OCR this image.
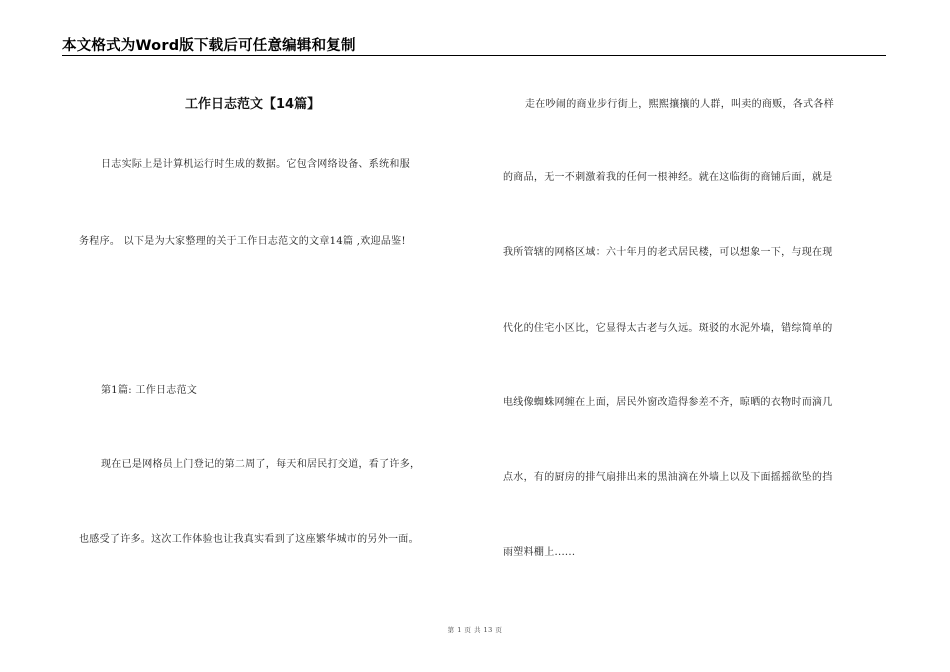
本文格式为Word版下载后可任意编辑和复制
工作日志范文【14篇】
日志实际上是计算机运行时生成的数据。它包含网络设备、系统和服
务程序。 以下是为大家整理的关于工作日志范文的文章14篇 ,欢迎品鉴!
第1篇: 工作日志范文
现在已是网格员上门登记的第二周了，每天和居民打交道，看了许多，
也感受了许多。这次工作体验也让我真实看到了这座繁华城市的另外一面。
走在吵闹的商业步行街上，熙熙攘攘的人群，叫卖的商贩，各式各样
的商品，无一不刺激着我的任何一根神经。就在这临街的商铺后面，就是
我所管辖的网格区域：六十年月的老式居民楼，可以想象一下，与现在现
代化的住宅小区比，它显得太古老与久远。斑驳的水泥外墙，错综简单的
电线像蜘蛛网缠在上面，居民外窗改造得参差不齐，晾晒的衣物时而滴几
点水，有的厨房的排气扇排出来的黑油滴在外墙上以及下面摇摇欲坠的挡
雨塑料棚上......
第 1 页 共 13 页
